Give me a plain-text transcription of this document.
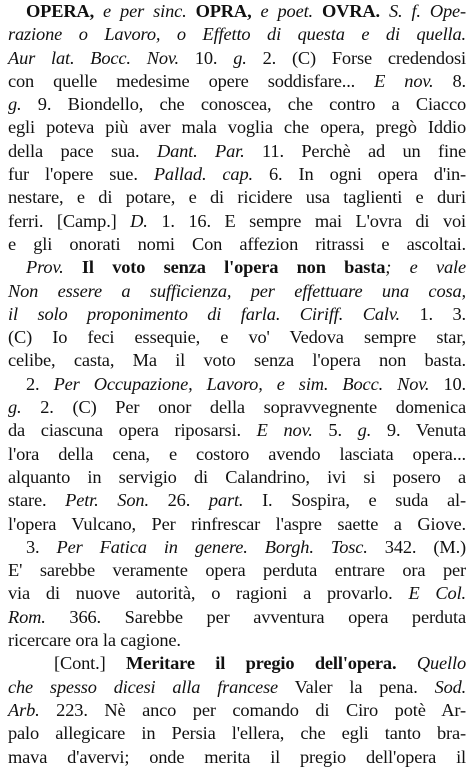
OPERA, e per sinc. OPRA, e poet. OVRA. S. f. Ope-
razione o Lavoro, o Effetto di questa e di quella.
Aur lat. Bocc. Nov. 10. g. 2. (C) Forse credendosi
con quelle medesime opere soddisfare... E nov. 8.
g. 9. Biondello, che conoscea, che contro a Ciacco
egli poteva più aver mala voglia che opera, pregò Iddio
della pace sua. Dant. Par. 11. Perchè ad un fine
fur l'opere sue. Pallad. cap. 6. In ogni opera d'in-
nestare, e di potare, e di ricidere usa taglienti e duri
ferri. [Camp.] D. 1. 16. E sempre mai L'ovra di voi
e gli onorati nomi Con affezion ritrassi e ascoltai.
Prov. Il voto senza l'opera non basta; e vale
Non essere a sufficienza, per effettuare una cosa,
il solo proponimento di farla. Ciriff. Calv. 1. 3.
(C) Io feci essequie, e vo' Vedova sempre star,
celibe, casta, Ma il voto senza l'opera non basta.
2. Per Occupazione, Lavoro, e sim. Bocc. Nov. 10.
g. 2. (C) Per onor della sopravvegnente domenica
da ciascuna opera riposarsi. E nov. 5. g. 9. Venuta
l'ora della cena, e costoro avendo lasciata opera...
alquanto in servigio di Calandrino, ivi si posero a
stare. Petr. Son. 26. part. I. Sospira, e suda al-
l'opera Vulcano, Per rinfrescar l'aspre saette a Giove.
3. Per Fatica in genere. Borgh. Tosc. 342. (M.)
E' sarebbe veramente opera perduta entrare ora per
via di nuove autorità, o ragioni a provarlo. E Col.
Rom. 366. Sarebbe per avventura opera perduta
ricercare ora la cagione.
[Cont.] Meritare il pregio dell'opera. Quello
che spesso dicesi alla francese Valer la pena. Sod.
Arb. 223. Nè anco per comando di Ciro potè Ar-
palo allegicare in Persia l'ellera, che egli tanto bra-
mava d'avervi; onde merita il pregio dell'opera il
